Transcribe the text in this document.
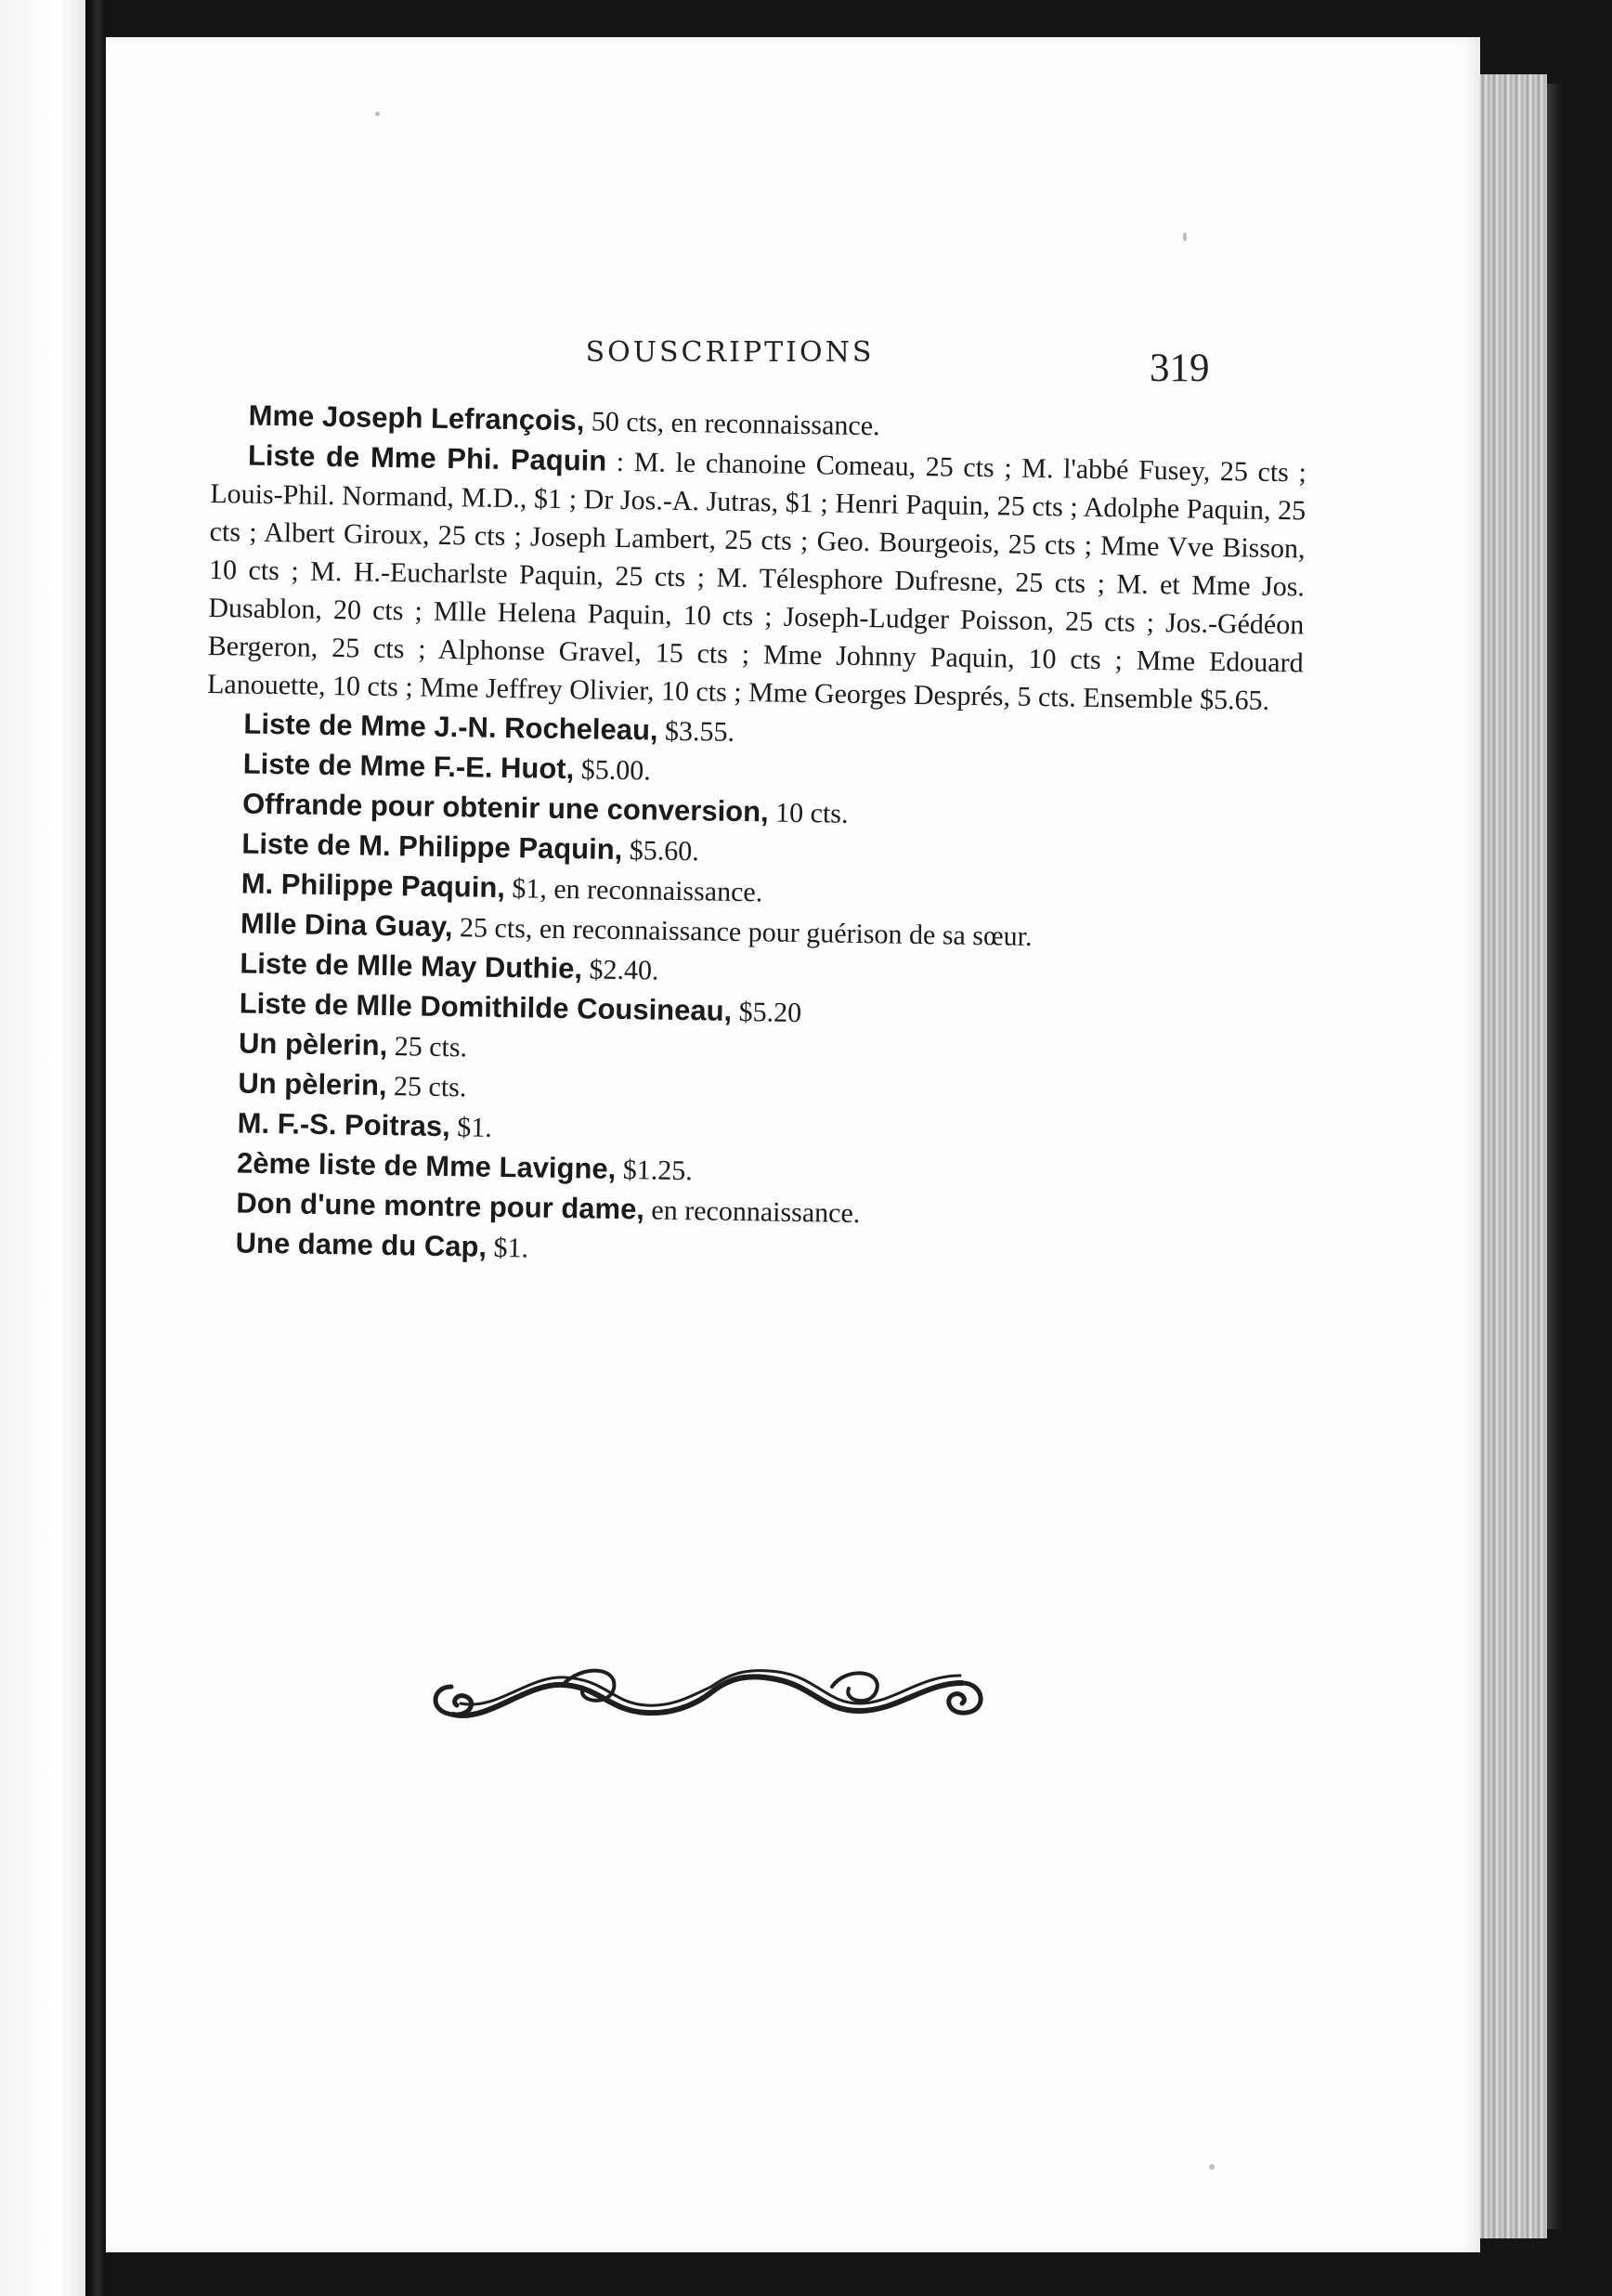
SOUSCRIPTIONS	319

Mme Joseph Lefrançois, 50 cts, en reconnaissance.

Liste de Mme Phi. Paquin : M. le chanoine Comeau, 25 cts ; M. l'abbé Fusey, 25 cts ; Louis-Phil. Normand, M.D., $1 ; Dr Jos.-A. Jutras, $1 ; Henri Paquin, 25 cts ; Adolphe Paquin, 25 cts ; Albert Giroux, 25 cts ; Joseph Lambert, 25 cts ; Geo. Bourgeois, 25 cts ; Mme Vve Bisson, 10 cts ; M. H.-Eucharlste Paquin, 25 cts ; M. Télesphore Dufresne, 25 cts ; M. et Mme Jos. Dusablon, 20 cts ; Mlle Helena Paquin, 10 cts ; Joseph-Ludger Poisson, 25 cts ; Jos.-Gédéon Bergeron, 25 cts ; Alphonse Gravel, 15 cts ; Mme Johnny Paquin, 10 cts ; Mme Edouard Lanouette, 10 cts ; Mme Jeffrey Olivier, 10 cts ; Mme Georges Després, 5 cts. Ensemble $5.65.

Liste de Mme J.-N. Rocheleau, $3.55.

Liste de Mme F.-E. Huot, $5.00.

Offrande pour obtenir une conversion, 10 cts.

Liste de M. Philippe Paquin, $5.60.

M. Philippe Paquin, $1, en reconnaissance.

Mlle Dina Guay, 25 cts, en reconnaissance pour guérison de sa sœur.

Liste de Mlle May Duthie, $2.40.

Liste de Mlle Domithilde Cousineau, $5.20

Un pèlerin, 25 cts.

Un pèlerin, 25 cts.

M. F.-S. Poitras, $1.

2ème liste de Mme Lavigne, $1.25.

Don d'une montre pour dame, en reconnaissance.

Une dame du Cap, $1.
